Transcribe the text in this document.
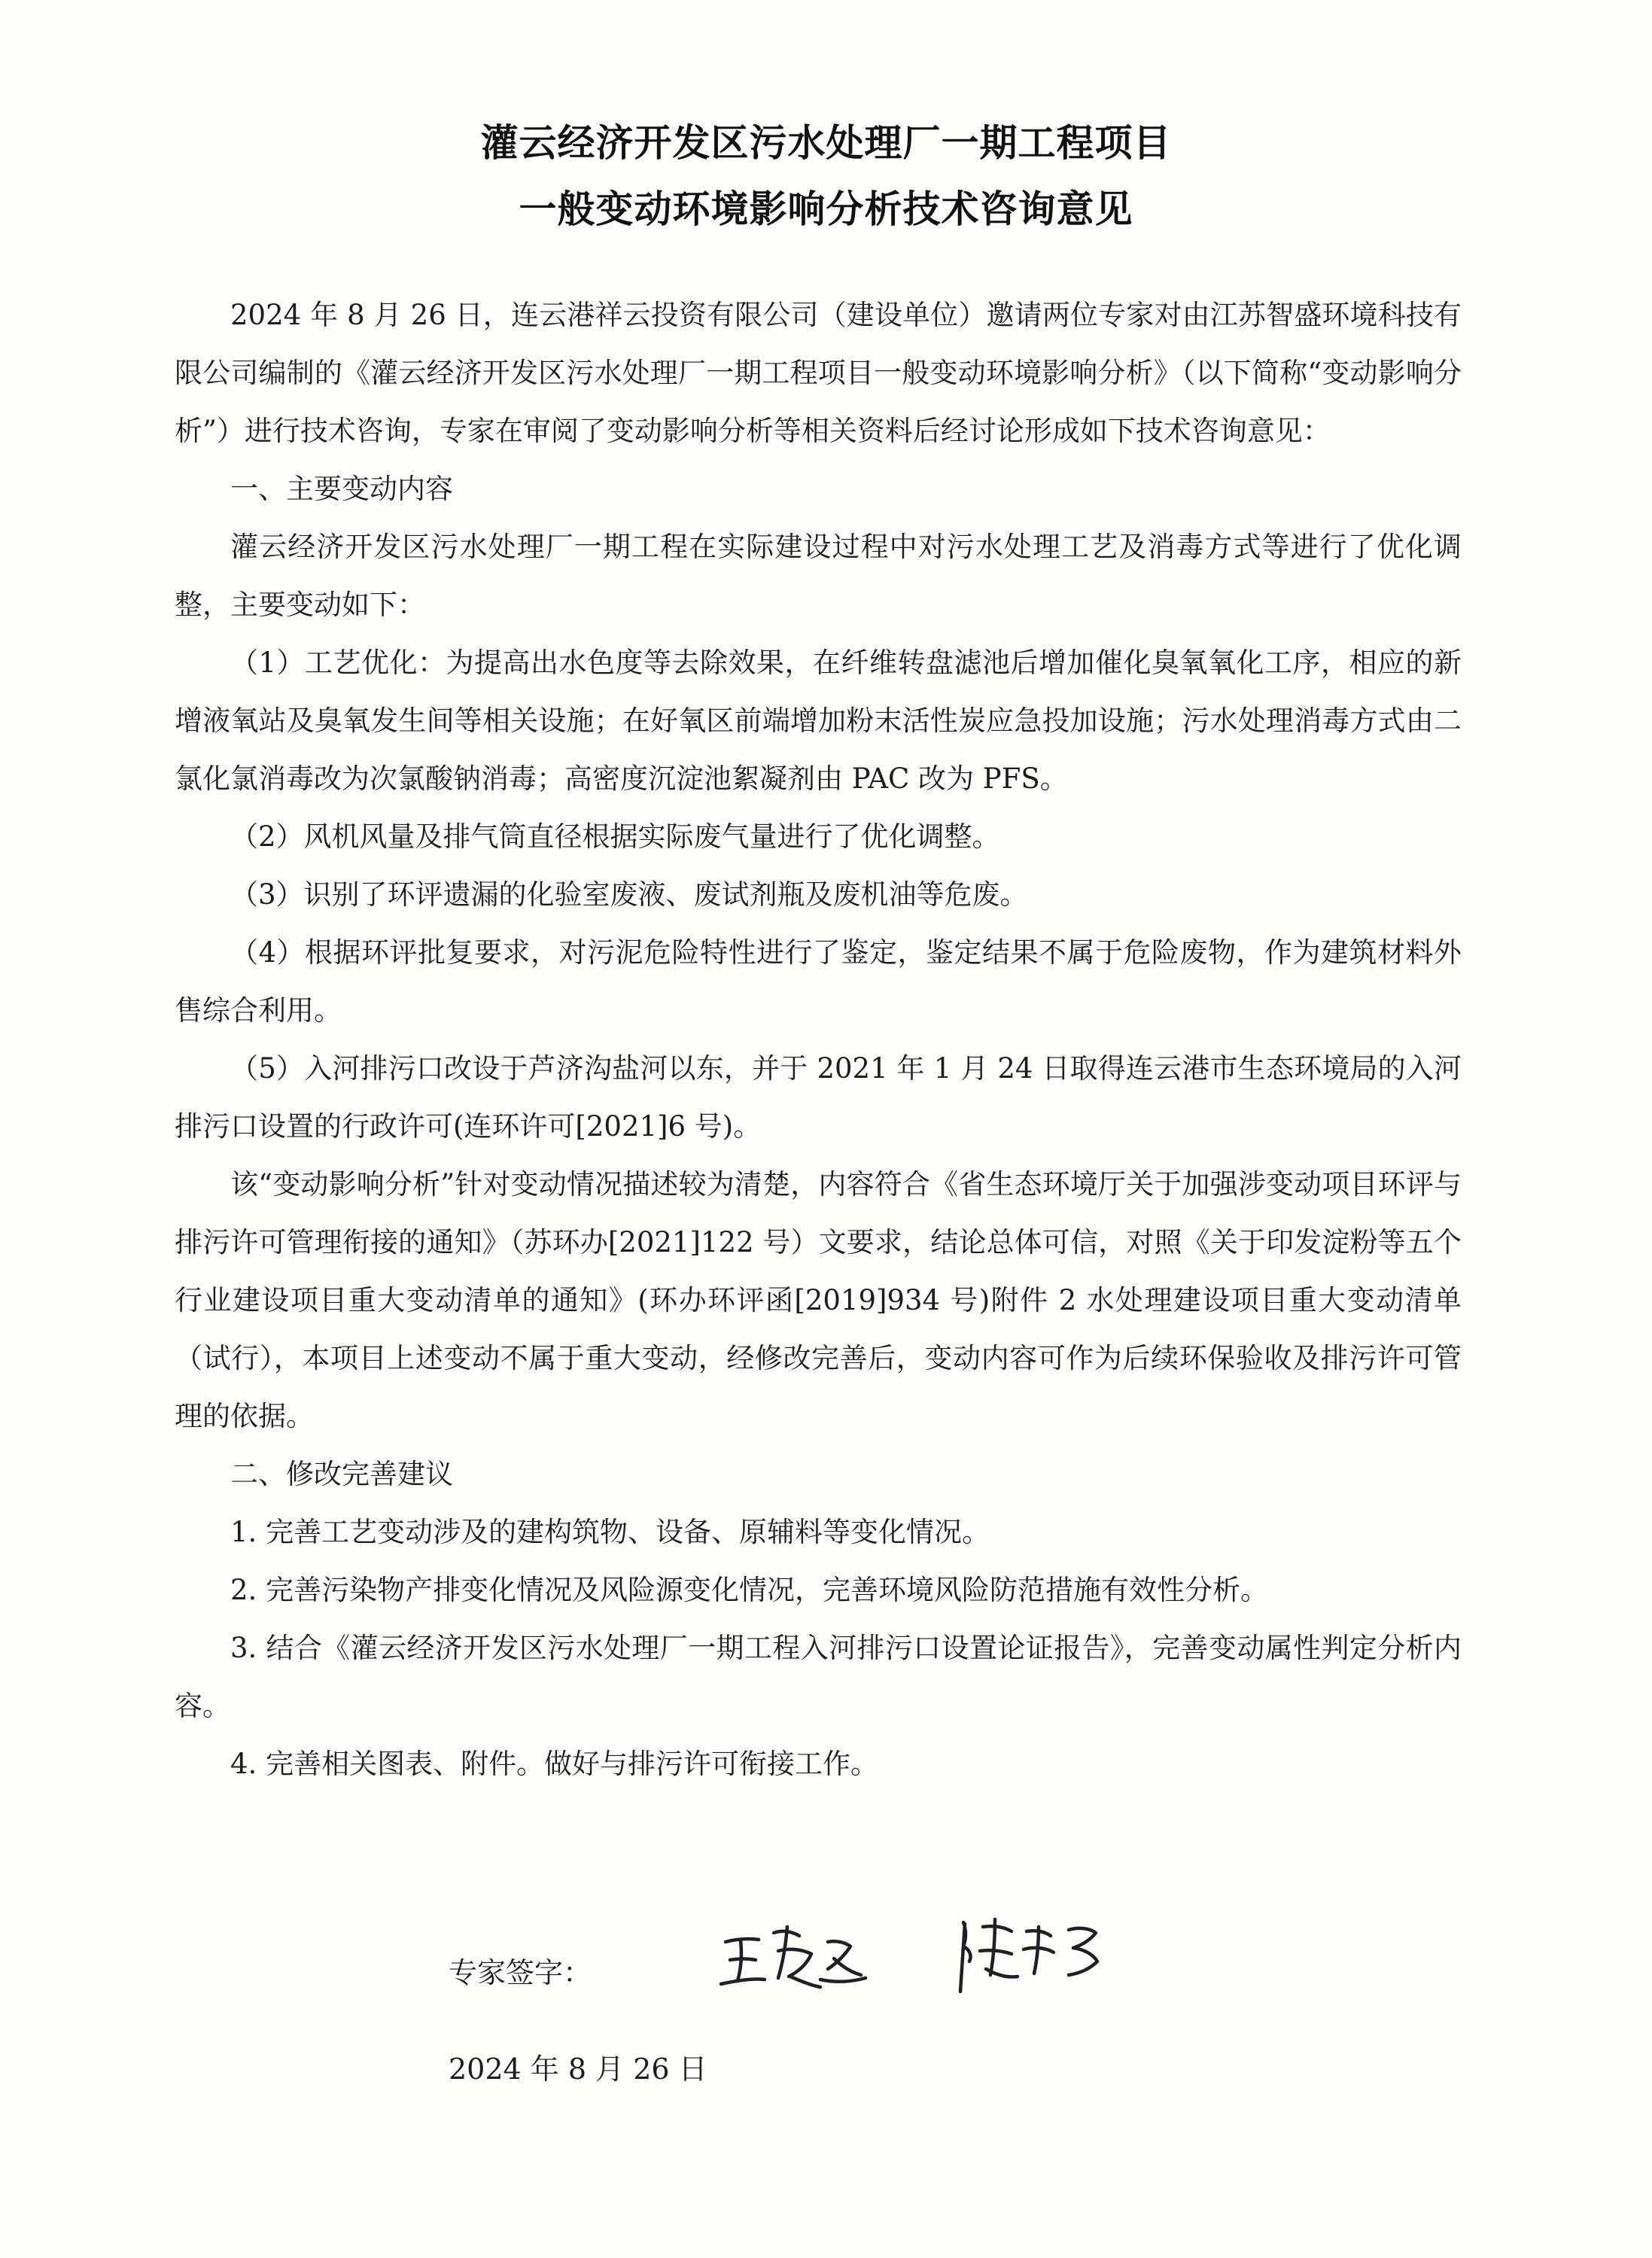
灌云经济开发区污水处理厂一期工程项目
一般变动环境影响分析技术咨询意见

2024 年 8 月 26 日，连云港祥云投资有限公司（建设单位）邀请两位专家对由江苏智盛环境科技有限公司编制的《灌云经济开发区污水处理厂一期工程项目一般变动环境影响分析》（以下简称“变动影响分析”）进行技术咨询，专家在审阅了变动影响分析等相关资料后经讨论形成如下技术咨询意见：

一、主要变动内容

灌云经济开发区污水处理厂一期工程在实际建设过程中对污水处理工艺及消毒方式等进行了优化调整，主要变动如下：

（1）工艺优化：为提高出水色度等去除效果，在纤维转盘滤池后增加催化臭氧氧化工序，相应的新增液氧站及臭氧发生间等相关设施；在好氧区前端增加粉末活性炭应急投加设施；污水处理消毒方式由二氯化氯消毒改为次氯酸钠消毒；高密度沉淀池絮凝剂由 PAC 改为 PFS。

（2）风机风量及排气筒直径根据实际废气量进行了优化调整。

（3）识别了环评遗漏的化验室废液、废试剂瓶及废机油等危废。

（4）根据环评批复要求，对污泥危险特性进行了鉴定，鉴定结果不属于危险废物，作为建筑材料外售综合利用。

（5）入河排污口改设于芦济沟盐河以东，并于 2021 年 1 月 24 日取得连云港市生态环境局的入河排污口设置的行政许可(连环许可[2021]6 号)。

该“变动影响分析”针对变动情况描述较为清楚，内容符合《省生态环境厅关于加强涉变动项目环评与排污许可管理衔接的通知》（苏环办[2021]122 号）文要求，结论总体可信，对照《关于印发淀粉等五个行业建设项目重大变动清单的通知》(环办环评函[2019]934 号)附件 2 水处理建设项目重大变动清单（试行），本项目上述变动不属于重大变动，经修改完善后，变动内容可作为后续环保验收及排污许可管理的依据。

二、修改完善建议

1. 完善工艺变动涉及的建构筑物、设备、原辅料等变化情况。

2. 完善污染物产排变化情况及风险源变化情况，完善环境风险防范措施有效性分析。

3. 结合《灌云经济开发区污水处理厂一期工程入河排污口设置论证报告》，完善变动属性判定分析内容。

4. 完善相关图表、附件。做好与排污许可衔接工作。

专家签字：
2024 年 8 月 26 日
